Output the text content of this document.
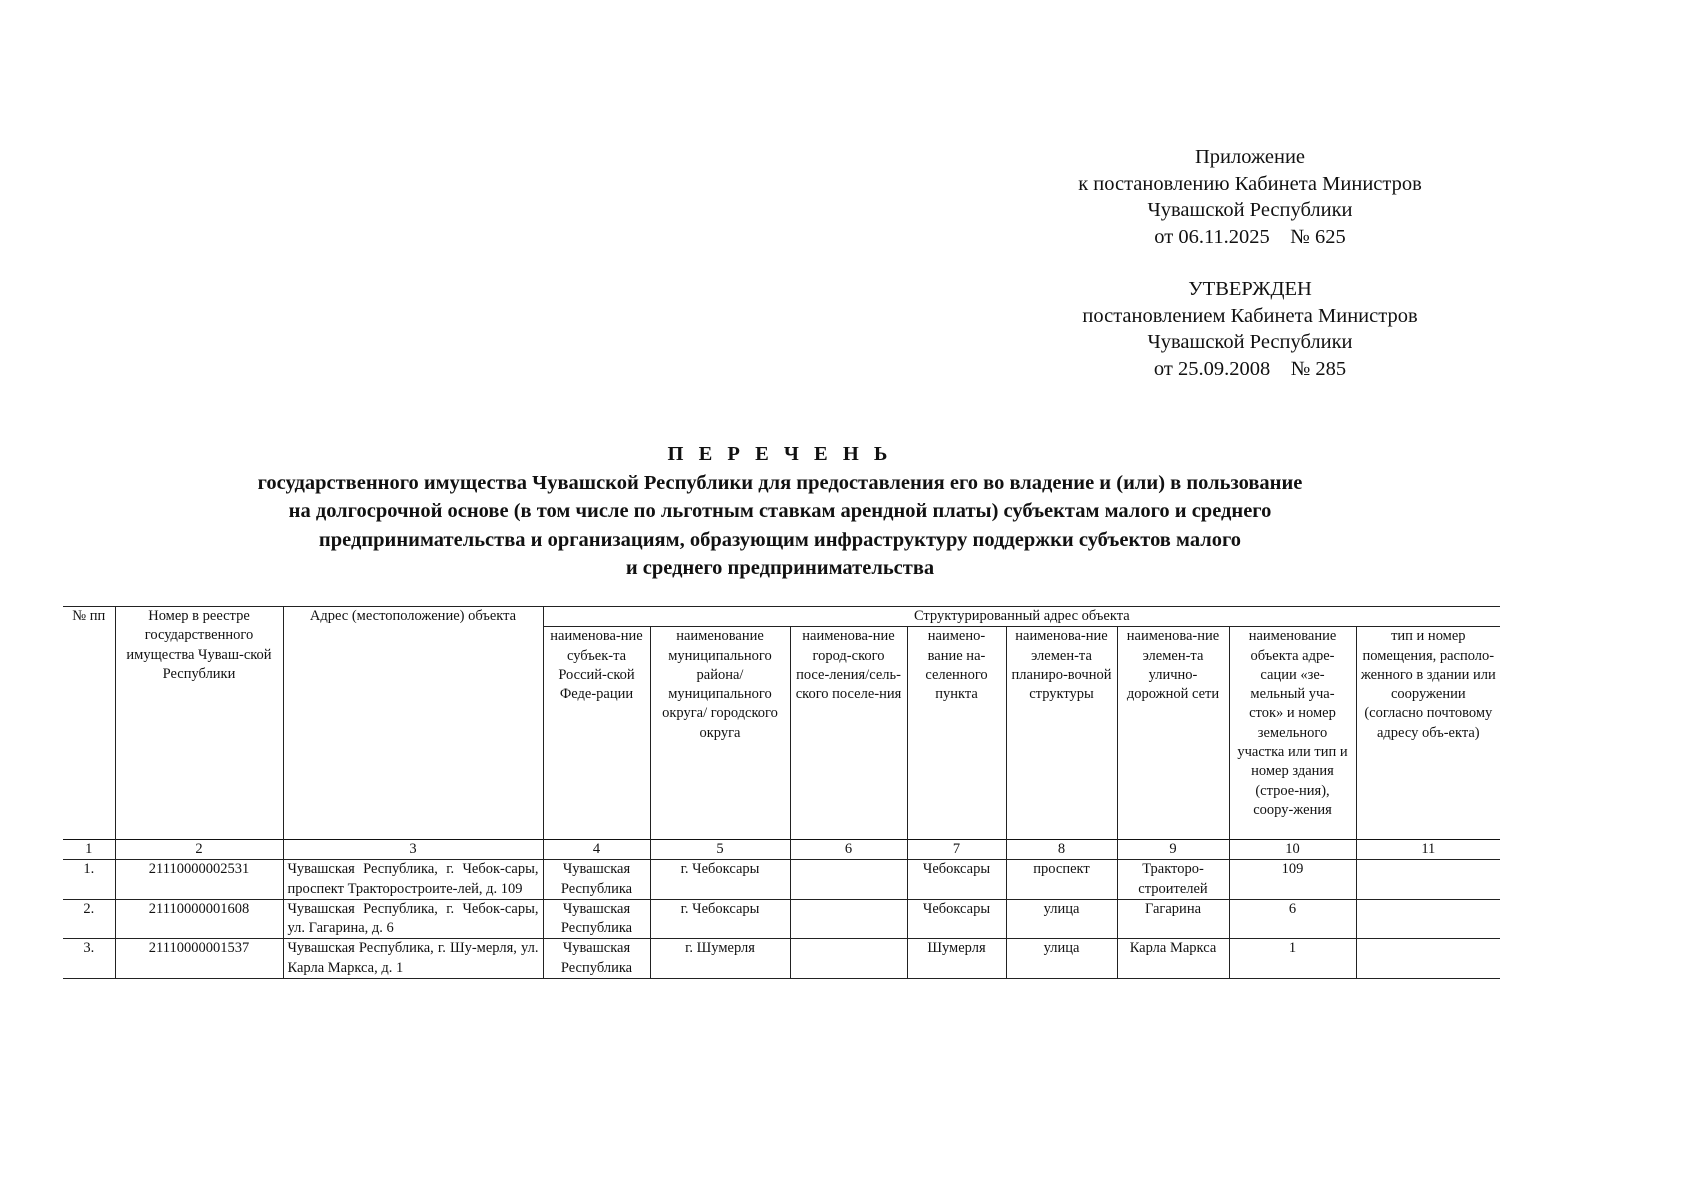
Приложение
к постановлению Кабинета Министров
Чувашской Республики
от 06.11.2025    № 625
УТВЕРЖДЕН
постановлением Кабинета Министров
Чувашской Республики
от 25.09.2008    № 285
П Е Р Е Ч Е Н Ь
государственного имущества Чувашской Республики для предоставления его во владение и (или) в пользование
на долгосрочной основе (в том числе по льготным ставкам арендной платы) субъектам малого и среднего
предпринимательства и организациям, образующим инфраструктуру поддержки субъектов малого
и среднего предпринимательства
№ пп	Номер в реестре государственного имущества Чуваш-ской Республики	Адрес (местоположение) объекта	Структурированный адрес объекта							
			наименова-ние субъек-та Россий-ской Феде-рации	наименование муниципального района/ муниципального округа/ городского округа	наименова-ние город-ского посе-ления/сель-ского поселе-ния	наимено-вание на-селенного пункта	наименова-ние элемен-та планиро-вочной структуры	наименова-ние элемен-та улично-дорожной сети	наименование объекта адре-сации «зе-мельный уча-сток» и номер земельного участка или тип и номер здания (строе-ния), соору-жения	тип и номер помещения, располо-женного в здании или сооружении (согласно почтовому адресу объ-екта)
1	2	3	4	5	6	7	8	9	10	11
1.	21110000002531	Чувашская Республика, г. Чебок-сары, проспект Тракторостроите-лей, д. 109	Чувашская Республика	г. Чебоксары		Чебоксары	проспект	Тракторо-строителей	109	
2.	21110000001608	Чувашская Республика, г. Чебок-сары, ул. Гагарина, д. 6	Чувашская Республика	г. Чебоксары		Чебоксары	улица	Гагарина	6	
3.	21110000001537	Чувашская Республика, г. Шу-мерля, ул. Карла Маркса, д. 1	Чувашская Республика	г. Шумерля		Шумерля	улица	Карла Маркса	1	
